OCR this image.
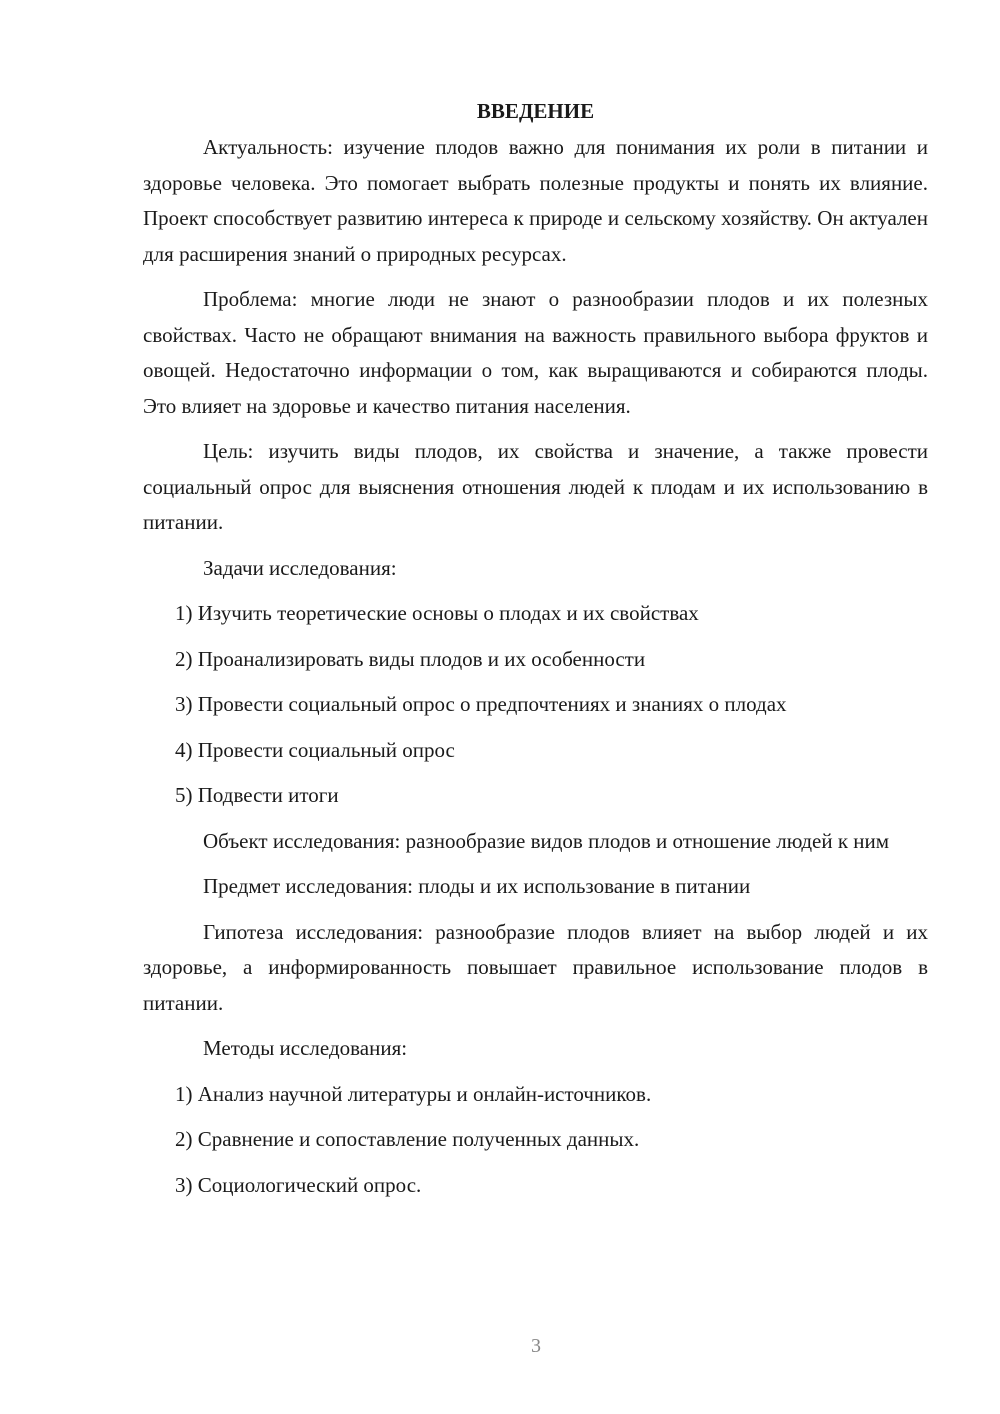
ВВЕДЕНИЕ

Актуальность: изучение плодов важно для понимания их роли в питании и здоровье человека. Это помогает выбрать полезные продукты и понять их влияние. Проект способствует развитию интереса к природе и сельскому хозяйству. Он актуален для расширения знаний о природных ресурсах.

Проблема: многие люди не знают о разнообразии плодов и их полезных свойствах. Часто не обращают внимания на важность правильного выбора фруктов и овощей. Недостаточно информации о том, как выращиваются и собираются плоды. Это влияет на здоровье и качество питания населения.

Цель: изучить виды плодов, их свойства и значение, а также провести социальный опрос для выяснения отношения людей к плодам и их использованию в питании.

Задачи исследования:

1) Изучить теоретические основы о плодах и их свойствах

2) Проанализировать виды плодов и их особенности

3) Провести социальный опрос о предпочтениях и знаниях о плодах

4) Провести социальный опрос

5) Подвести итоги

Объект исследования: разнообразие видов плодов и отношение людей к ним

Предмет исследования: плоды и их использование в питании

Гипотеза исследования: разнообразие плодов влияет на выбор людей и их здоровье, а информированность повышает правильное использование плодов в питании.

Методы исследования:

1) Анализ научной литературы и онлайн-источников.

2) Сравнение и сопоставление полученных данных.

3) Социологический опрос.

3
